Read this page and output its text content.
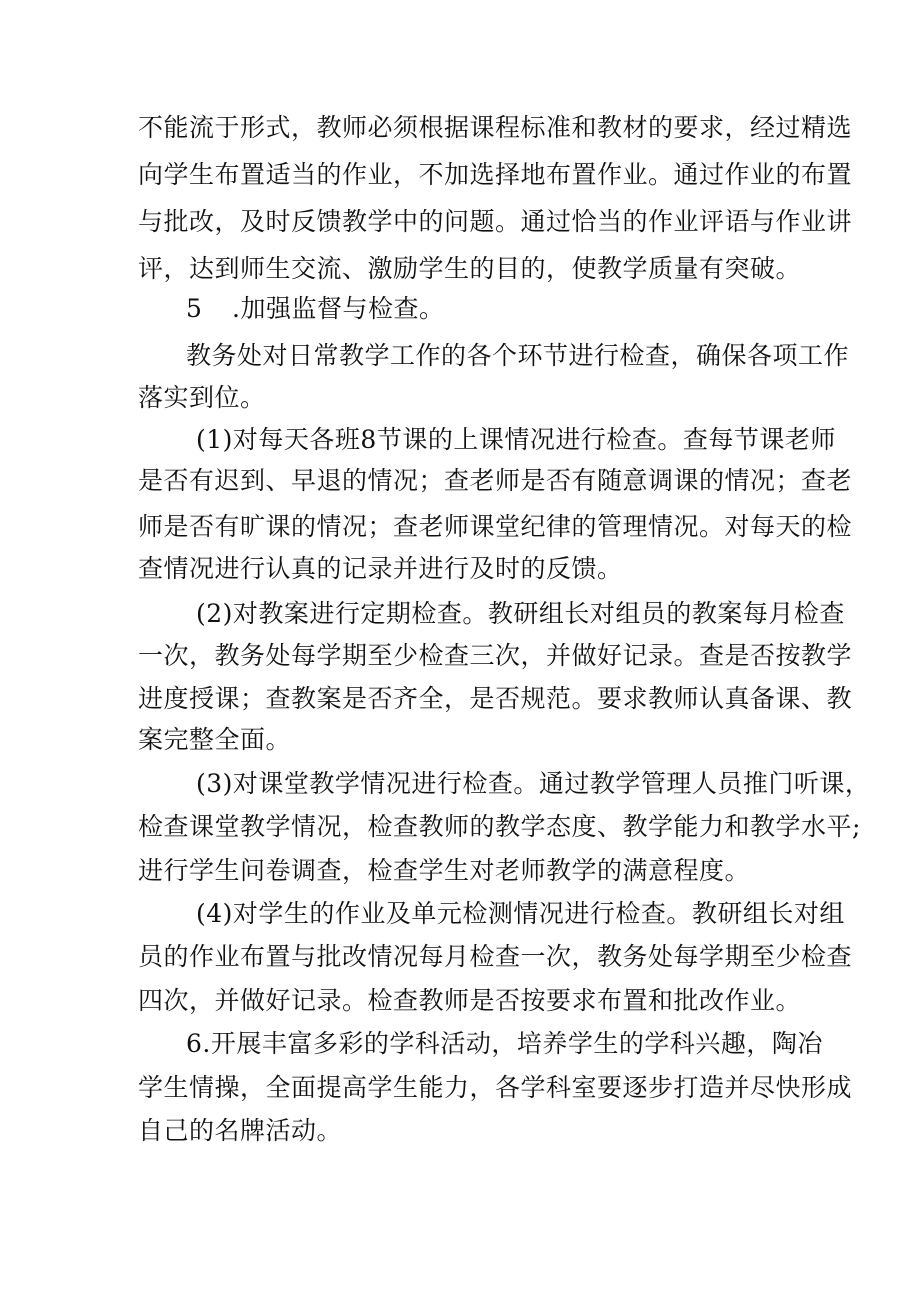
不能流于形式，教师必须根据课程标准和教材的要求，经过精选
向学生布置适当的作业，不加选择地布置作业。通过作业的布置
与批改，及时反馈教学中的问题。通过恰当的作业评语与作业讲
评，达到师生交流、激励学生的目的，使教学质量有突破。
5 .加强监督与检查。
教务处对日常教学工作的各个环节进行检查，确保各项工作
落实到位。
(1)对每天各班8节课的上课情况进行检查。查每节课老师
是否有迟到、早退的情况；查老师是否有随意调课的情况；查老
师是否有旷课的情况；查老师课堂纪律的管理情况。对每天的检
查情况进行认真的记录并进行及时的反馈。
(2)对教案进行定期检查。教研组长对组员的教案每月检查
一次，教务处每学期至少检查三次，并做好记录。查是否按教学
进度授课；查教案是否齐全，是否规范。要求教师认真备课、教
案完整全面。
(3)对课堂教学情况进行检查。通过教学管理人员推门听课，
检查课堂教学情况，检查教师的教学态度、教学能力和教学水平;
进行学生问卷调查，检查学生对老师教学的满意程度。
(4)对学生的作业及单元检测情况进行检查。教研组长对组
员的作业布置与批改情况每月检查一次，教务处每学期至少检查
四次，并做好记录。检查教师是否按要求布置和批改作业。
6.开展丰富多彩的学科活动，培养学生的学科兴趣，陶冶
学生情操，全面提高学生能力，各学科室要逐步打造并尽快形成
自己的名牌活动。
